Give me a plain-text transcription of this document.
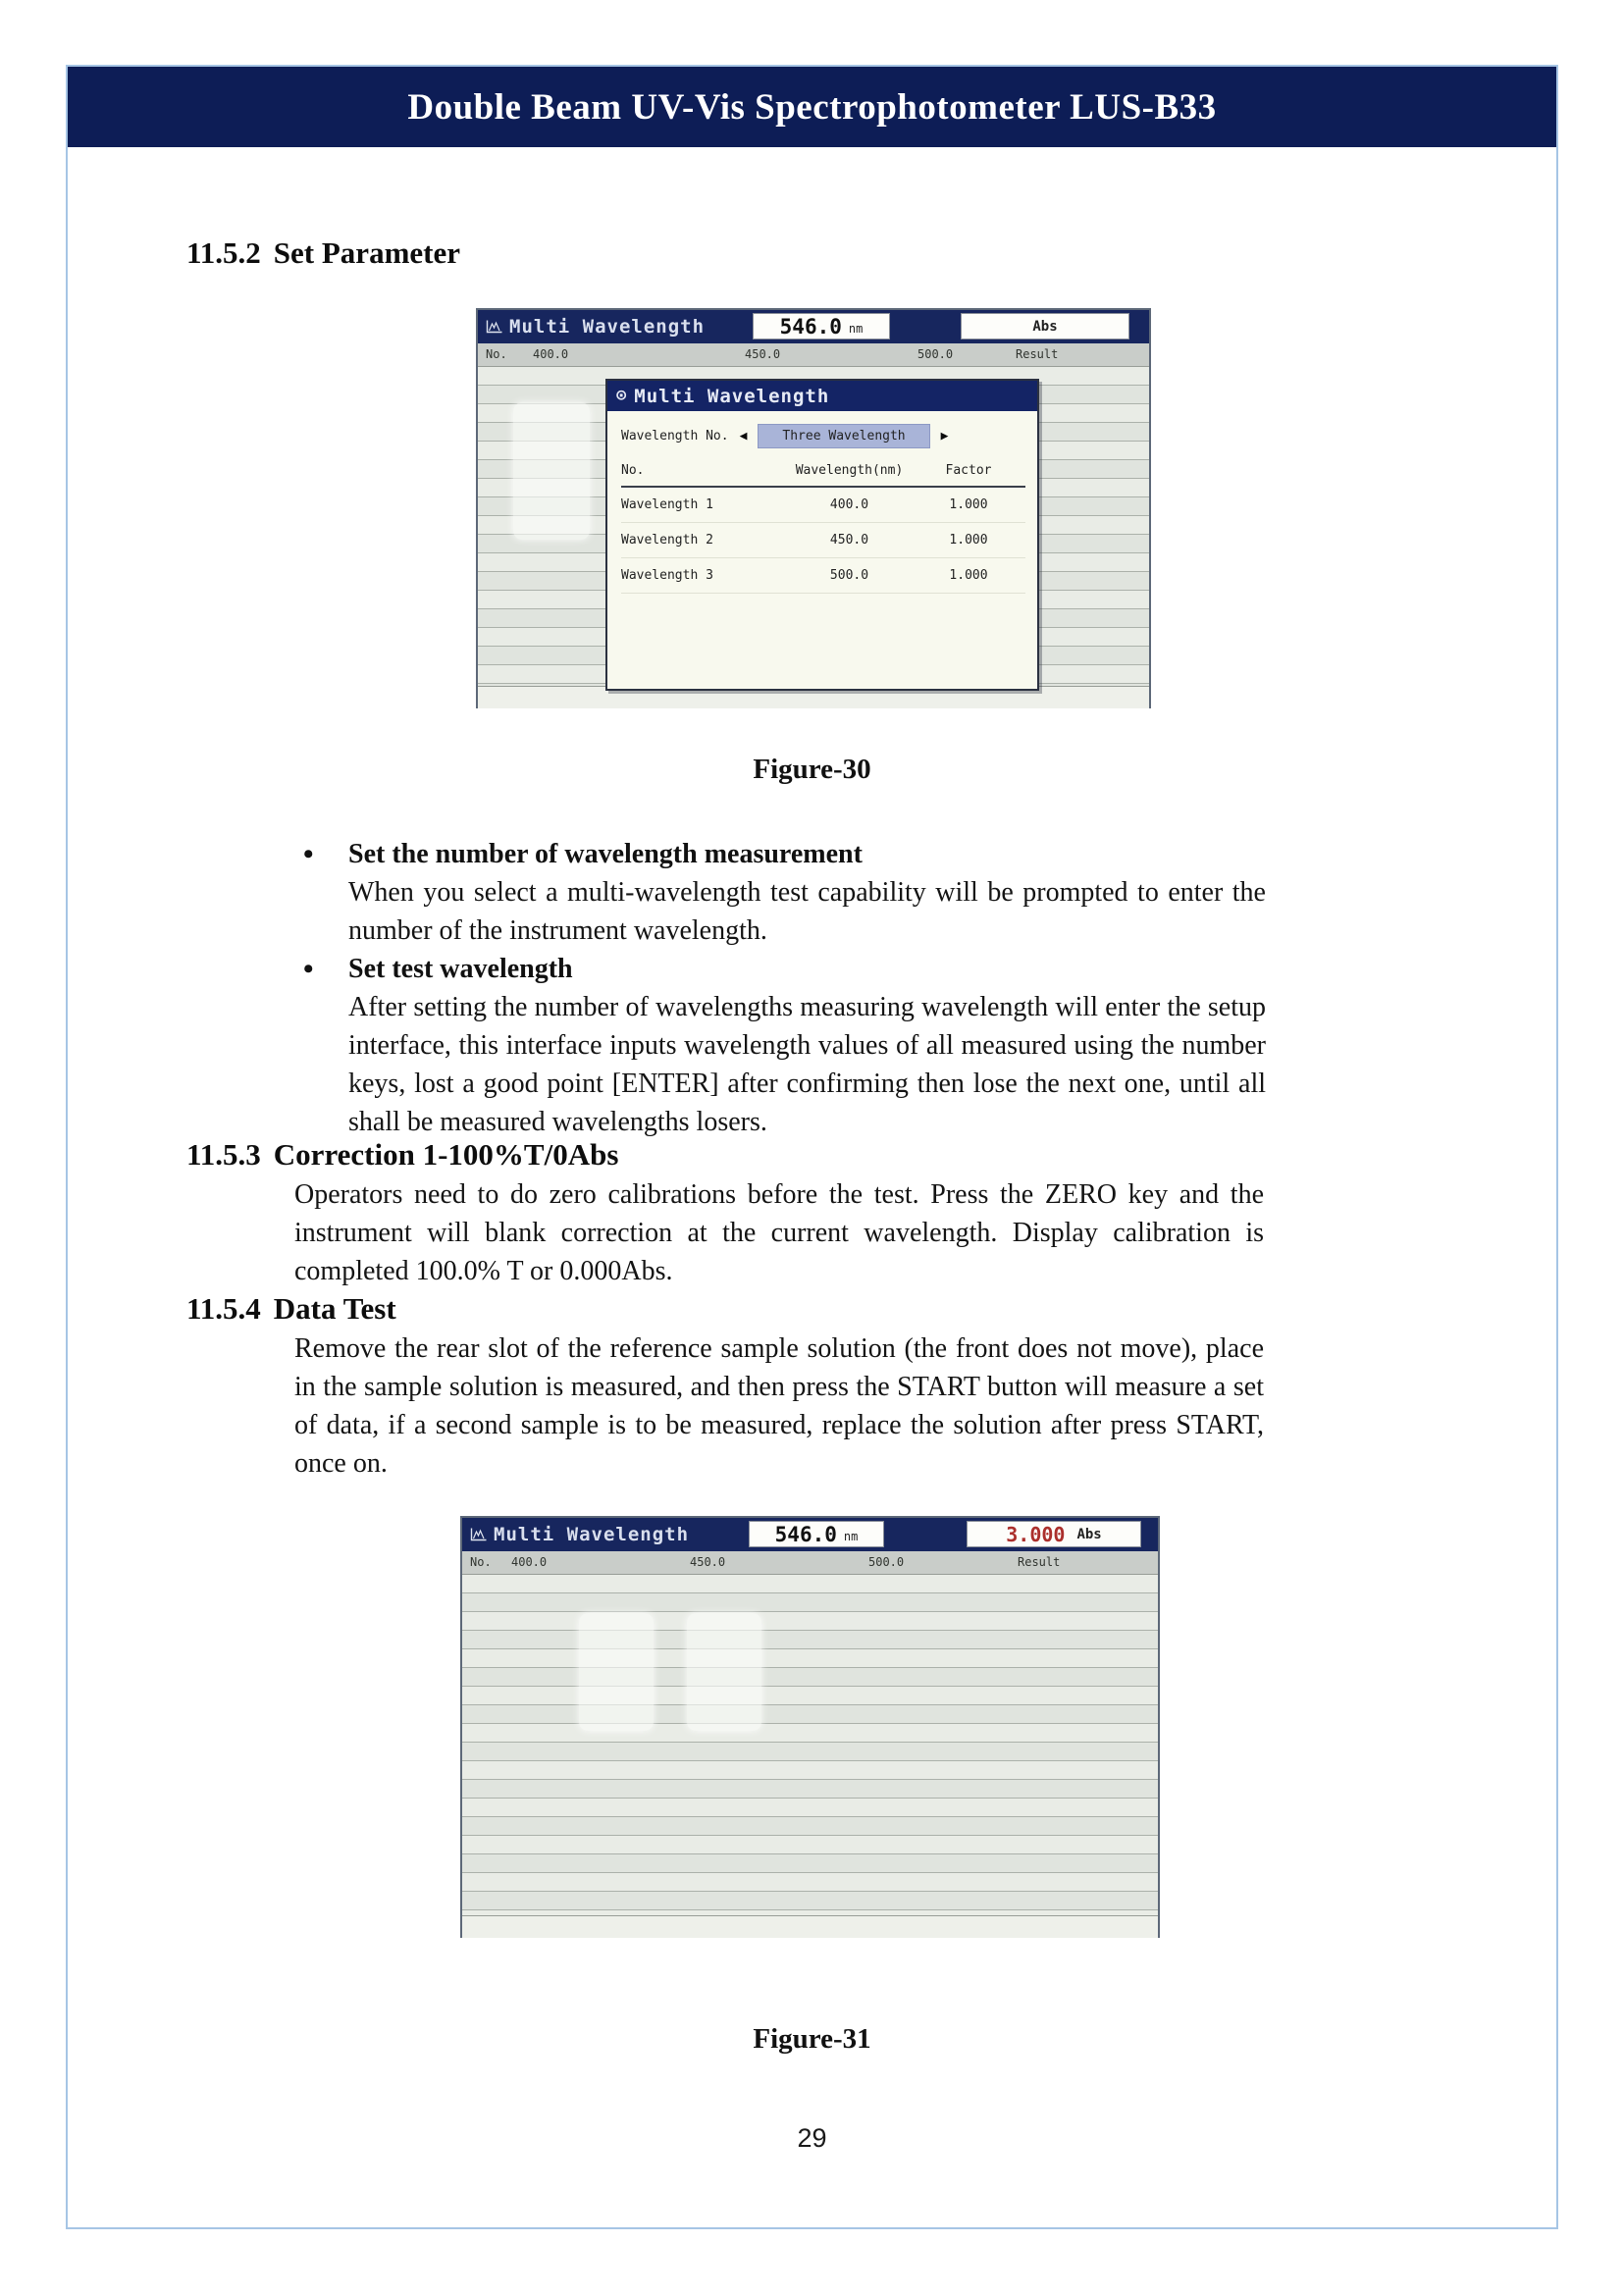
Double Beam UV-Vis Spectrophotometer LUS-B33
11.5.2 Set Parameter
Multi Wavelength	546.0 nm	Abs
No. 400.0	450.0	500.0	Result
⊙ Multi Wavelength
Wavelength No. ◀	Three Wavelength	▶
No.	Wavelength(nm)	Factor
Wavelength 1	400.0	1.000
Wavelength 2	450.0	1.000
Wavelength 3	500.0	1.000
Figure-30
• Set the number of wavelength measurement
When you select a multi-wavelength test capability will be prompted to enter the number of the instrument wavelength.
• Set test wavelength
After setting the number of wavelengths measuring wavelength will enter the setup interface, this interface inputs wavelength values of all measured using the number keys, lost a good point [ENTER] after confirming then lose the next one, until all shall be measured wavelengths losers.
11.5.3 Correction 1-100%T/0Abs
Operators need to do zero calibrations before the test. Press the ZERO key and the instrument will blank correction at the current wavelength. Display calibration is completed 100.0% T or 0.000Abs.
11.5.4 Data Test
Remove the rear slot of the reference sample solution (the front does not move), place in the sample solution is measured, and then press the START button will measure a set of data, if a second sample is to be measured, replace the solution after press START, once on.
Multi Wavelength	546.0 nm	3.000 Abs
No. 400.0	450.0	500.0	Result
Figure-31
29
